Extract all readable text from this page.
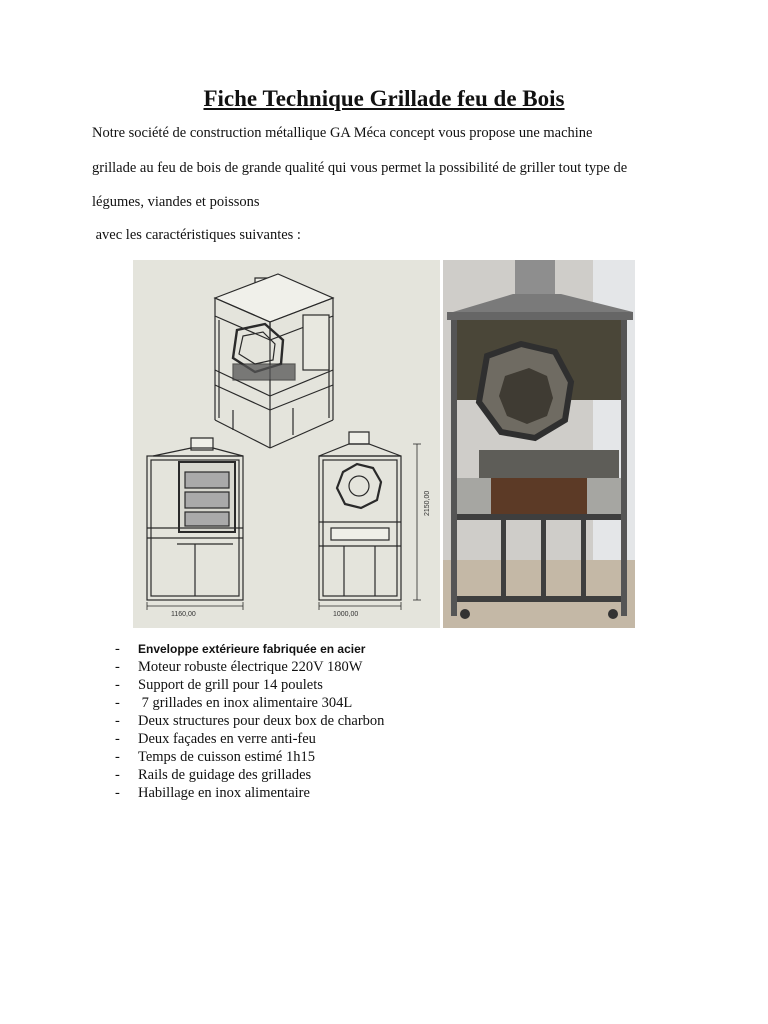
Fiche Technique Grillade feu de Bois

Notre société de construction métallique GA Méca concept vous propose une machine

grillade au feu de bois de grande qualité qui vous permet la possibilité de griller tout type de

légumes, viandes et poissons

avec les caractéristiques suivantes :

1160,00	1000,00
2150,00
- Enveloppe extérieure fabriquée en acier
- Moteur robuste électrique 220V 180W
- Support de grill pour 14 poulets
- 7 grillades en inox alimentaire 304L
- Deux structures pour deux box de charbon
- Deux façades en verre anti-feu
- Temps de cuisson estimé 1h15
- Rails de guidage des grillades
- Habillage en inox alimentaire
